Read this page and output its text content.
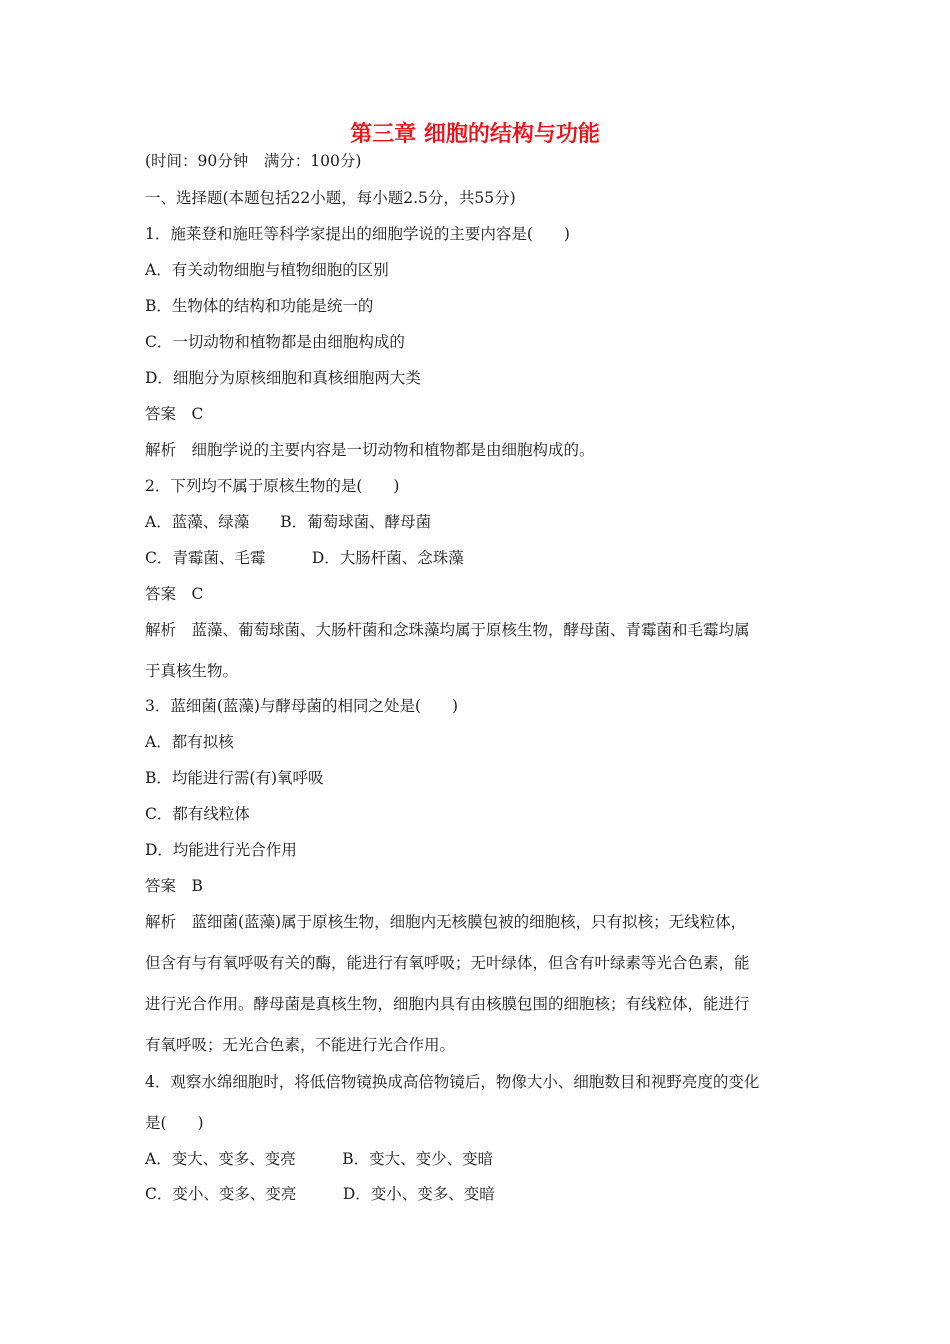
第三章 细胞的结构与功能
(时间：90分钟　满分：100分)
一、选择题(本题包括22小题，每小题2.5分，共55分)
1．施莱登和施旺等科学家提出的细胞学说的主要内容是(　　)
A．有关动物细胞与植物细胞的区别
B．生物体的结构和功能是统一的
C．一切动物和植物都是由细胞构成的
D．细胞分为原核细胞和真核细胞两大类
答案　C
解析　细胞学说的主要内容是一切动物和植物都是由细胞构成的。
2．下列均不属于原核生物的是(　　)
A．蓝藻、绿藻　　B．葡萄球菌、酵母菌
C．青霉菌、毛霉　　　D．大肠杆菌、念珠藻
答案　C
解析　蓝藻、葡萄球菌、大肠杆菌和念珠藻均属于原核生物，酵母菌、青霉菌和毛霉均属
于真核生物。
3．蓝细菌(蓝藻)与酵母菌的相同之处是(　　)
A．都有拟核
B．均能进行需(有)氧呼吸
C．都有线粒体
D．均能进行光合作用
答案　B
解析　蓝细菌(蓝藻)属于原核生物，细胞内无核膜包被的细胞核，只有拟核；无线粒体，
但含有与有氧呼吸有关的酶，能进行有氧呼吸；无叶绿体，但含有叶绿素等光合色素，能
进行光合作用。酵母菌是真核生物，细胞内具有由核膜包围的细胞核；有线粒体，能进行
有氧呼吸；无光合色素，不能进行光合作用。
4．观察水绵细胞时，将低倍物镜换成高倍物镜后，物像大小、细胞数目和视野亮度的变化
是(　　)
A．变大、变多、变亮　　　B．变大、变少、变暗
C．变小、变多、变亮　　　D．变小、变多、变暗
